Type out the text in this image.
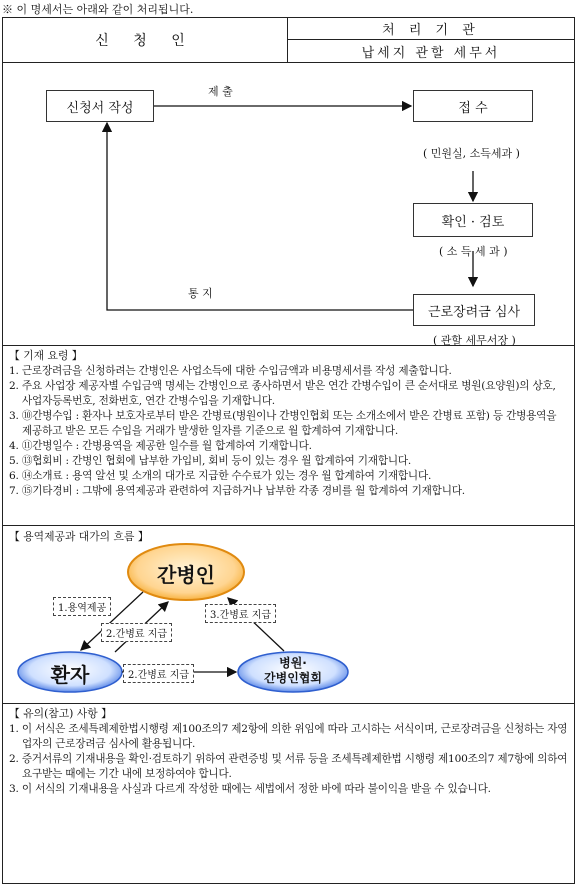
※ 이 명세서는 아래와 같이 처리됩니다.
신 청 인
처 리 기 관
납세지 관할 세무서
신청서 작성
제 출
접 수
( 민원실, 소득세과 )
확인 · 검토
( 소 득 세 과 )
통 지
근로장려금 심사
( 관할 세무서장 )
【 기재 요령 】
1. 근로장려금을 신청하려는 간병인은 사업소득에 대한 수입금액과 비용명세서를 작성 제출합니다.
2. 주요 사업장 제공자별 수입금액 명세는 간병인으로 종사하면서 받은 연간 간병수입이 큰 순서대로 병원(요양원)의 상호, 사업자등록번호, 전화번호, 연간 간병수입을 기재합니다.
3. ⑩간병수입 : 환자나 보호자로부터 받은 간병료(병원이나 간병인협회 또는 소개소에서 받은 간병료 포함) 등 간병용역을 제공하고 받은 모든 수입을 거래가 발생한 일자를 기준으로 월 합계하여 기재합니다.
4. ⑪간병일수 : 간병용역을 제공한 일수를 월 합계하여 기재합니다.
5. ⑬협회비 : 간병인 협회에 납부한 가입비, 회비 등이 있는 경우 월 합계하여 기재합니다.
6. ⑭소개료 : 용역 알선 및 소개의 대가로 지급한 수수료가 있는 경우 월 합계하여 기재합니다.
7. ⑮기타경비 : 그밖에 용역제공과 관련하여 지급하거나 납부한 각종 경비를 월 합계하여 기재합니다.
【 용역제공과 대가의 흐름 】
간병인
환자	병원·
간병인협회
1.용역제공
2.간병료 지급
2.간병료 지급
3.간병료 지급
【 유의(참고) 사항 】
1. 이 서식은 조세특례제한법시행령 제100조의7 제2항에 의한 위임에 따라 고시하는 서식이며, 근로장려금을 신청하는 자영업자의 근로장려금 심사에 활용됩니다.
2. 증거서류의 기재내용을 확인·검토하기 위하여 관련증빙 및 서류 등을 조세특례제한법 시행령 제100조의7 제7항에 의하여 요구받는 때에는 기간 내에 보정하여야 합니다.
3. 이 서식의 기재내용을 사실과 다르게 작성한 때에는 세법에서 정한 바에 따라 불이익을 받을 수 있습니다.
